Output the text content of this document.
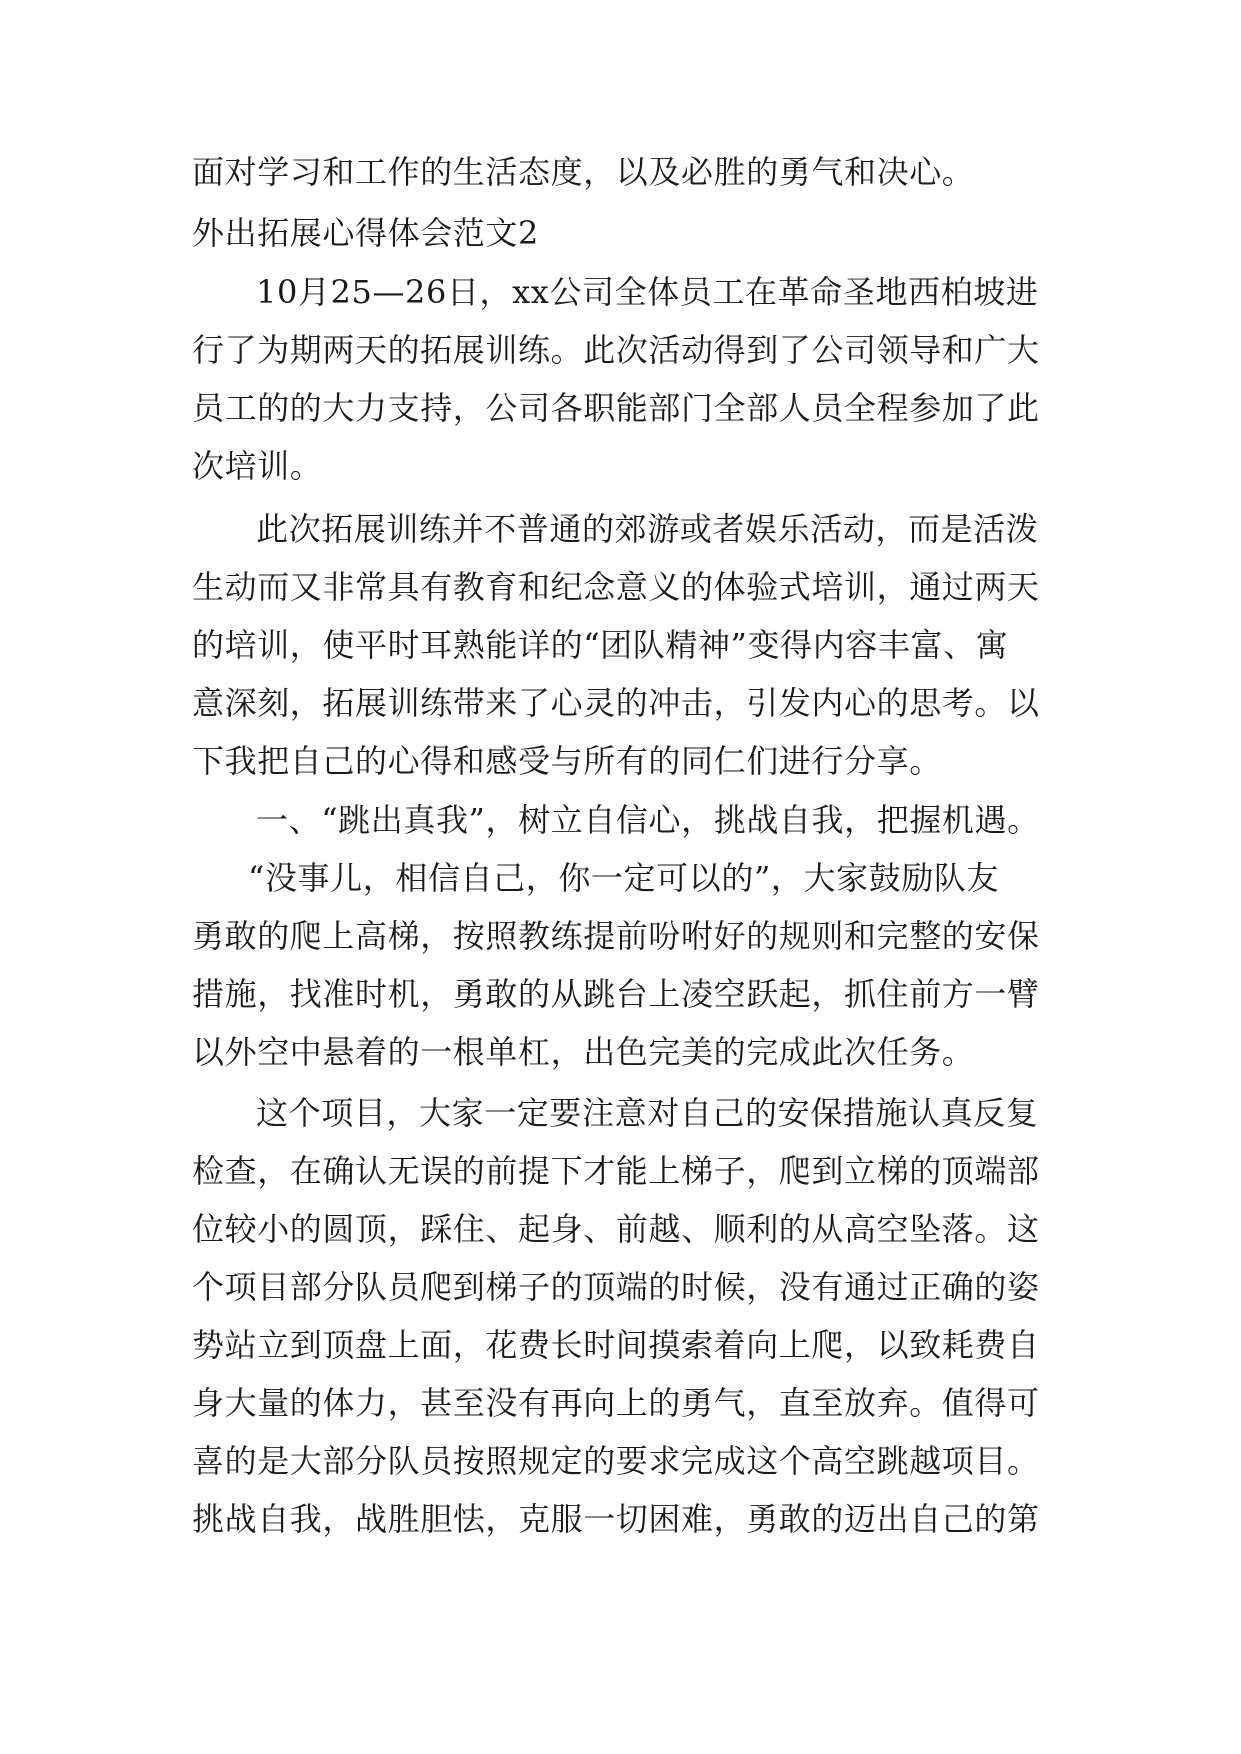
面对学习和工作的生活态度，以及必胜的勇气和决心。
外出拓展心得体会范文2
10月25—26日，xx公司全体员工在革命圣地西柏坡进
行了为期两天的拓展训练。此次活动得到了公司领导和广大
员工的的大力支持，公司各职能部门全部人员全程参加了此
次培训。
此次拓展训练并不普通的郊游或者娱乐活动，而是活泼
生动而又非常具有教育和纪念意义的体验式培训，通过两天
的培训，使平时耳熟能详的“团队精神”变得内容丰富、寓
意深刻，拓展训练带来了心灵的冲击，引发内心的思考。以
下我把自己的心得和感受与所有的同仁们进行分享。
一、“跳出真我”，树立自信心，挑战自我，把握机遇。
“没事儿，相信自己，你一定可以的”，大家鼓励队友
勇敢的爬上高梯，按照教练提前吩咐好的规则和完整的安保
措施，找准时机，勇敢的从跳台上凌空跃起，抓住前方一臂
以外空中悬着的一根单杠，出色完美的完成此次任务。
这个项目，大家一定要注意对自己的安保措施认真反复
检查，在确认无误的前提下才能上梯子，爬到立梯的顶端部
位较小的圆顶，踩住、起身、前越、顺利的从高空坠落。这
个项目部分队员爬到梯子的顶端的时候，没有通过正确的姿
势站立到顶盘上面，花费长时间摸索着向上爬，以致耗费自
身大量的体力，甚至没有再向上的勇气，直至放弃。值得可
喜的是大部分队员按照规定的要求完成这个高空跳越项目。
挑战自我，战胜胆怯，克服一切困难，勇敢的迈出自己的第
